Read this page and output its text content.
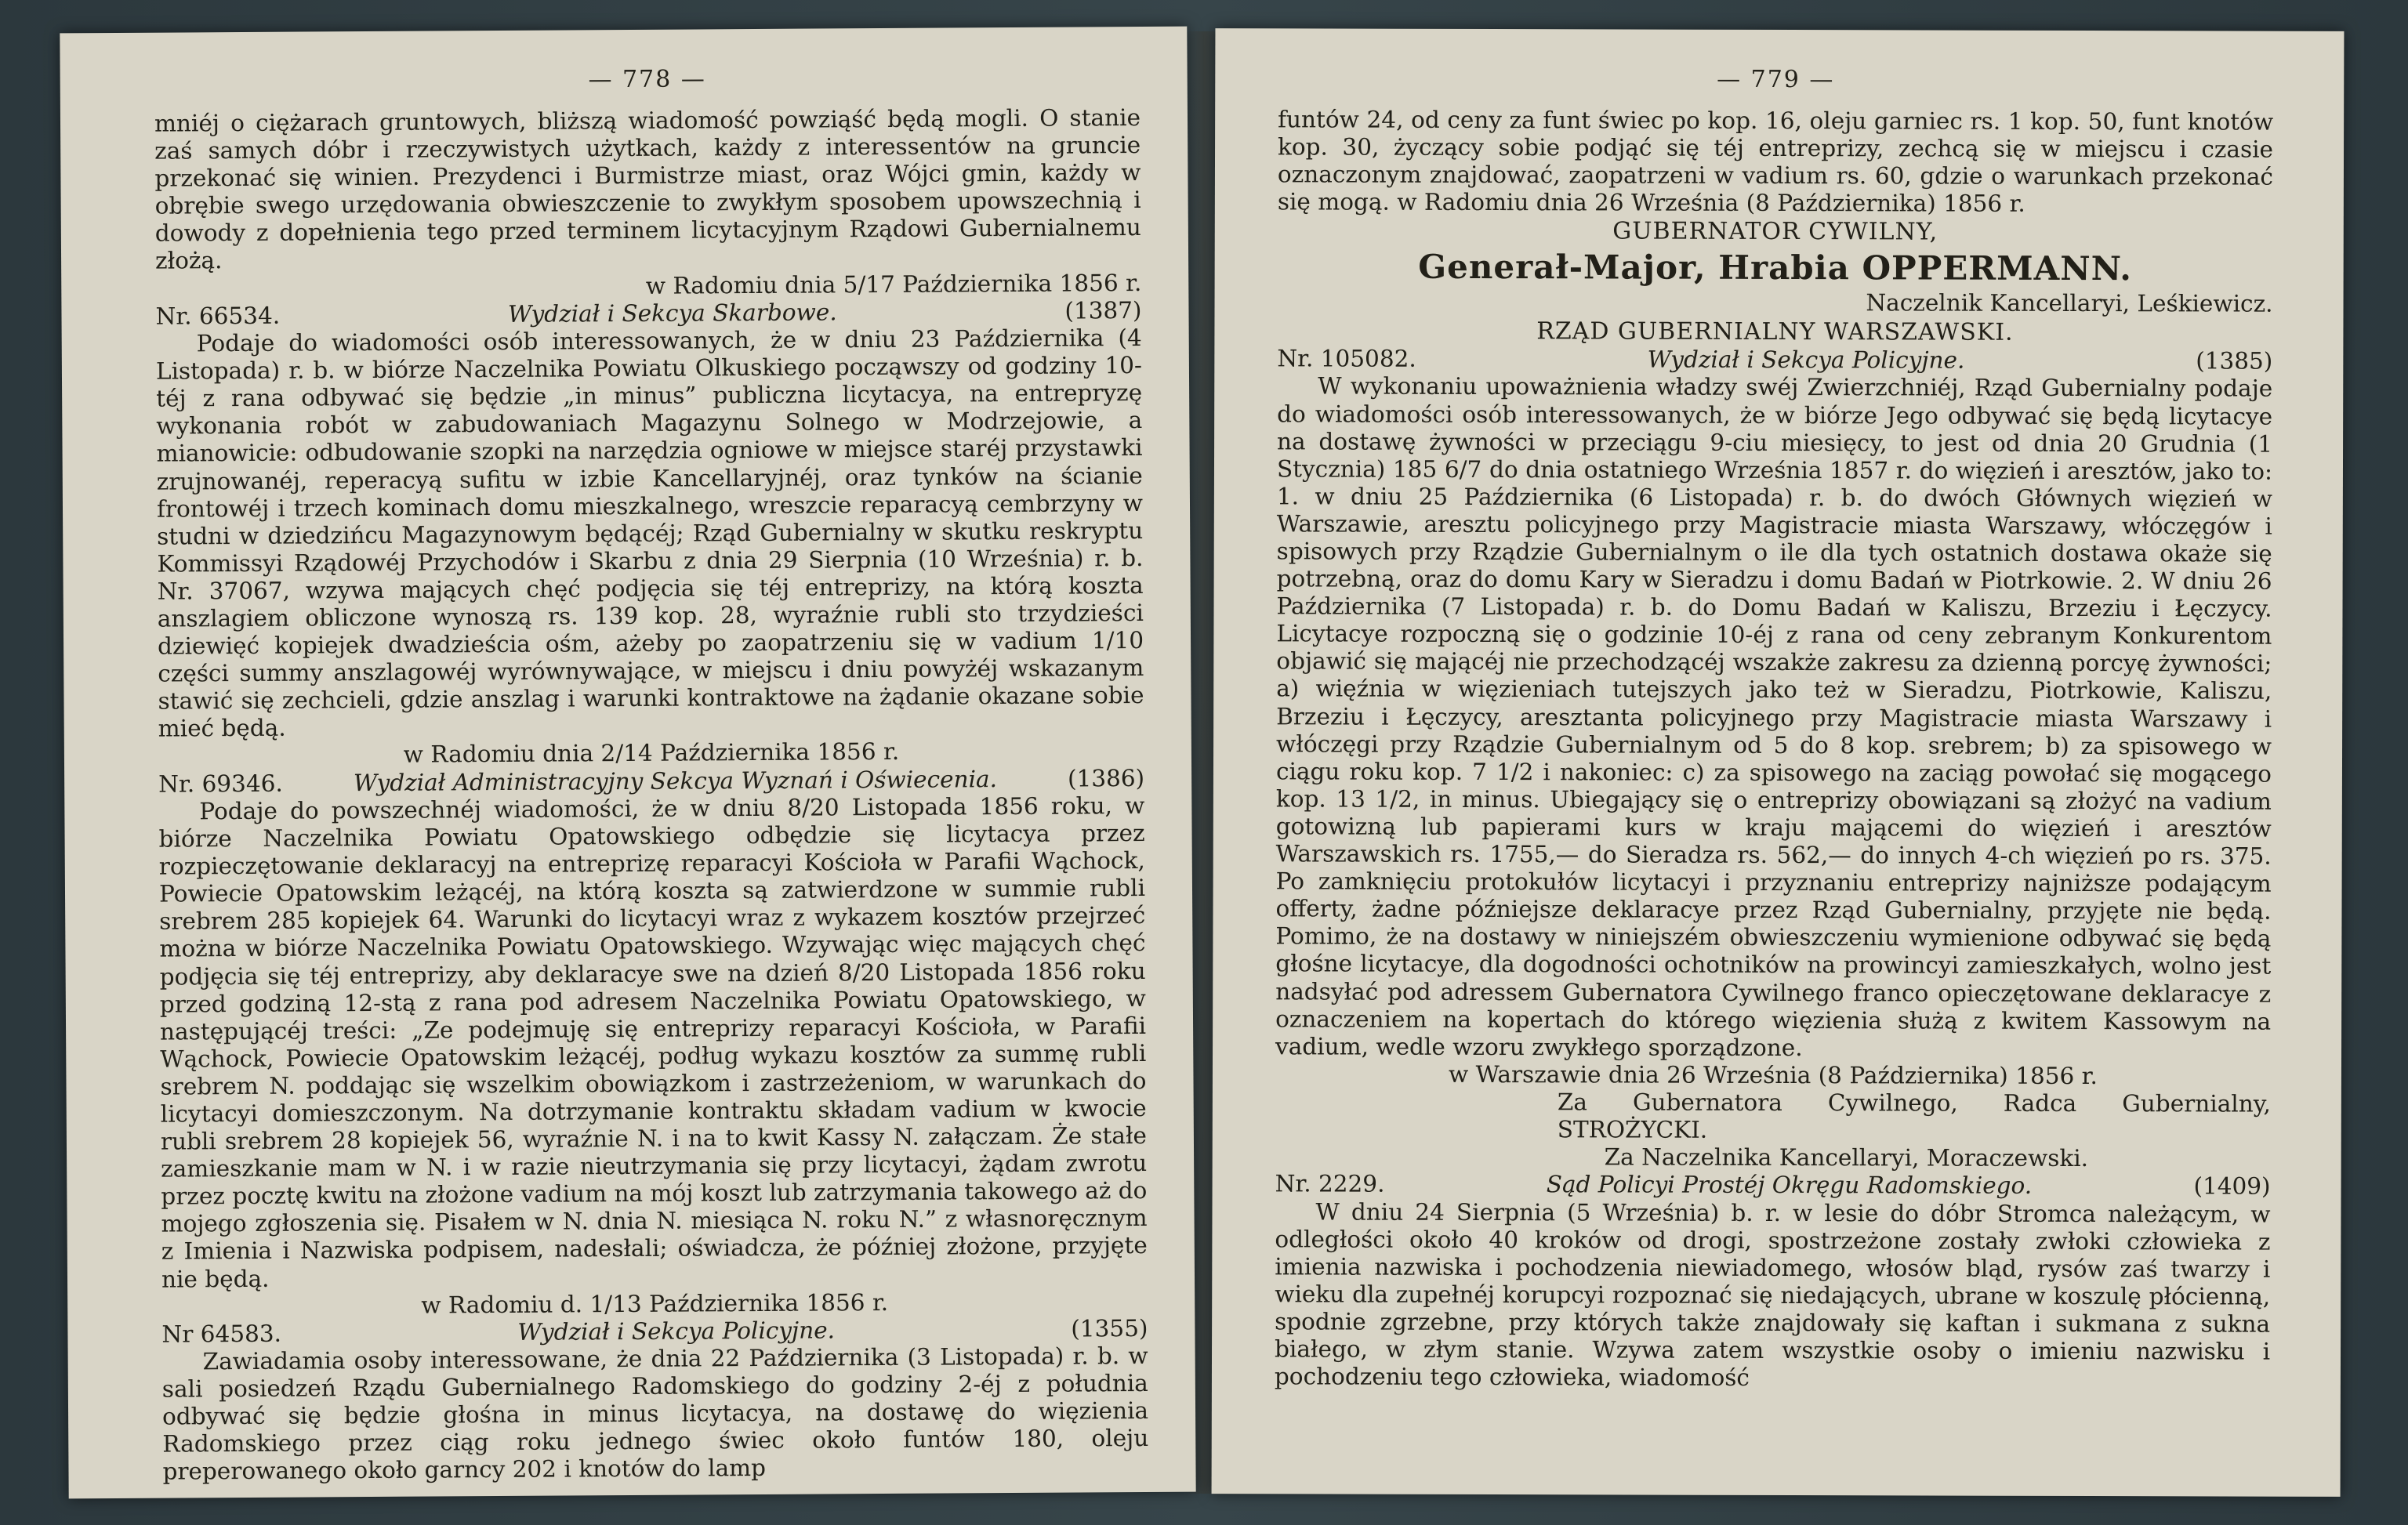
— 778 —

mniéj o ciężarach gruntowych, bliższą wiadomość powziąść będą mogli. O stanie zaś samych dóbr i rzeczywistych użytkach, każdy z interessentów na gruncie przekonać się winien. Prezydenci i Burmistrze miast, oraz Wójci gmin, każdy w obrębie swego urzędowania obwieszczenie to zwykłym sposobem upowszechnią i dowody z dopełnienia tego przed terminem licytacyjnym Rządowi Gubernialnemu złożą.

w Radomiu dnia 5/17 Października 1856 r.

Nr. 66534.	Wydział i Sekcya Skarbowe.	(1387)

Podaje do wiadomości osób interessowanych, że w dniu 23 Października (4 Listopada) r. b. w biórze Naczelnika Powiatu Olkuskiego począwszy od godziny 10-téj z rana odbywać się będzie „in minus” publiczna licytacya, na entrepryzę wykonania robót w zabudowaniach Magazynu Solnego w Modrzejowie, a mianowicie: odbudowanie szopki na narzędzia ogniowe w miejsce staréj przystawki zrujnowanéj, reperacyą sufitu w izbie Kancellaryjnéj, oraz tynków na ścianie frontowéj i trzech kominach domu mieszkalnego, wreszcie reparacyą cembrzyny w studni w dziedzińcu Magazynowym będącéj; Rząd Gubernialny w skutku reskryptu Kommissyi Rządowéj Przychodów i Skarbu z dnia 29 Sierpnia (10 Września) r. b. Nr. 37067, wzywa mających chęć podjęcia się téj entreprizy, na którą koszta anszlagiem obliczone wynoszą rs. 139 kop. 28, wyraźnie rubli sto trzydzieści dziewięć kopiejek dwadzieścia ośm, ażeby po zaopatrzeniu się w vadium 1/10 części summy anszlagowéj wyrównywające, w miejscu i dniu powyżéj wskazanym stawić się zechcieli, gdzie anszlag i warunki kontraktowe na żądanie okazane sobie mieć będą.

w Radomiu dnia 2/14 Października 1856 r.

Nr. 69346.	Wydział Administracyjny Sekcya Wyznań i Oświecenia.	(1386)

Podaje do powszechnéj wiadomości, że w dniu 8/20 Listopada 1856 roku, w biórze Naczelnika Powiatu Opatowskiego odbędzie się licytacya przez rozpieczętowanie deklaracyj na entreprizę reparacyi Kościoła w Parafii Wąchock, Powiecie Opatowskim leżącéj, na którą koszta są zatwierdzone w summie rubli srebrem 285 kopiejek 64. Warunki do licytacyi wraz z wykazem kosztów przejrzeć można w biórze Naczelnika Powiatu Opatowskiego. Wzywając więc mających chęć podjęcia się téj entreprizy, aby deklaracye swe na dzień 8/20 Listopada 1856 roku przed godziną 12-stą z rana pod adresem Naczelnika Powiatu Opatowskiego, w następującéj treści: „Ze podejmuję się entreprizy reparacyi Kościoła, w Parafii Wąchock, Powiecie Opatowskim leżącéj, podług wykazu kosztów za summę rubli srebrem N. poddając się wszelkim obowiązkom i zastrzeżeniom, w warunkach do licytacyi domieszczonym. Na dotrzymanie kontraktu składam vadium w kwocie rubli srebrem 28 kopiejek 56, wyraźnie N. i na to kwit Kassy N. załączam. Że stałe zamieszkanie mam w N. i w razie nieutrzymania się przy licytacyi, żądam zwrotu przez pocztę kwitu na złożone vadium na mój koszt lub zatrzymania takowego aż do mojego zgłoszenia się. Pisałem w N. dnia N. miesiąca N. roku N.” z własnoręcznym z Imienia i Nazwiska podpisem, nadesłali; oświadcza, że później złożone, przyjęte nie będą.

w Radomiu d. 1/13 Października 1856 r.

Nr 64583.	Wydział i Sekcya Policyjne.	(1355)

Zawiadamia osoby interessowane, że dnia 22 Października (3 Listopada) r. b. w sali posiedzeń Rządu Gubernialnego Radomskiego do godziny 2-éj z południa odbywać się będzie głośna in minus licytacya, na dostawę do więzienia Radomskiego przez ciąg roku jednego świec około funtów 180, oleju preperowanego około garncy 202 i knotów do lamp

— 779 —

funtów 24, od ceny za funt świec po kop. 16, oleju garniec rs. 1 kop. 50, funt knotów kop. 30, życzący sobie podjąć się téj entreprizy, zechcą się w miejscu i czasie oznaczonym znajdować, zaopatrzeni w vadium rs. 60, gdzie o warunkach przekonać się mogą. w Radomiu dnia 26 Września (8 Października) 1856 r.

GUBERNATOR CYWILNY,
Generał-Major, Hrabia OPPERMANN.

Naczelnik Kancellaryi, Leśkiewicz.

RZĄD GUBERNIALNY WARSZAWSKI.
Nr. 105082.	Wydział i Sekcya Policyjne.	(1385)

W wykonaniu upoważnienia władzy swéj Zwierzchniéj, Rząd Gubernialny podaje do wiadomości osób interessowanych, że w biórze Jego odbywać się będą licytacye na dostawę żywności w przeciągu 9-ciu miesięcy, to jest od dnia 20 Grudnia (1 Stycznia) 185 6/7 do dnia ostatniego Września 1857 r. do więzień i aresztów, jako to: 1. w dniu 25 Października (6 Listopada) r. b. do dwóch Głównych więzień w Warszawie, aresztu policyjnego przy Magistracie miasta Warszawy, włóczęgów i spisowych przy Rządzie Gubernialnym o ile dla tych ostatnich dostawa okaże się potrzebną, oraz do domu Kary w Sieradzu i domu Badań w Piotrkowie. 2. W dniu 26 Października (7 Listopada) r. b. do Domu Badań w Kaliszu, Brzeziu i Łęczycy. Licytacye rozpoczną się o godzinie 10-éj z rana od ceny zebranym Konkurentom objawić się mającéj nie przechodzącéj wszakże zakresu za dzienną porcyę żywności; a) więźnia w więzieniach tutejszych jako też w Sieradzu, Piotrkowie, Kaliszu, Brzeziu i Łęczycy, aresztanta policyjnego przy Magistracie miasta Warszawy i włóczęgi przy Rządzie Gubernialnym od 5 do 8 kop. srebrem; b) za spisowego w ciągu roku kop. 7 1/2 i nakoniec: c) za spisowego na zaciąg powołać się mogącego kop. 13 1/2, in minus. Ubiegający się o entreprizy obowiązani są złożyć na vadium gotowizną lub papierami kurs w kraju mającemi do więzień i aresztów Warszawskich rs. 1755,— do Sieradza rs. 562,— do innych 4-ch więzień po rs. 375. Po zamknięciu protokułów licytacyi i przyznaniu entreprizy najniższe podającym offerty, żadne późniejsze deklaracye przez Rząd Gubernialny, przyjęte nie będą. Pomimo, że na dostawy w niniejszém obwieszczeniu wymienione odbywać się będą głośne licytacye, dla dogodności ochotników na prowincyi zamieszkałych, wolno jest nadsyłać pod adressem Gubernatora Cywilnego franco opieczętowane deklaracye z oznaczeniem na kopertach do którego więzienia służą z kwitem Kassowym na vadium, wedle wzoru zwykłego sporządzone.

w Warszawie dnia 26 Września (8 Października) 1856 r.

Za Gubernatora Cywilnego, Radca Gubernialny, STROŻYCKI.

Za Naczelnika Kancellaryi, Moraczewski.

Nr. 2229.	Sąd Policyi Prostéj Okręgu Radomskiego.	(1409)

W dniu 24 Sierpnia (5 Września) b. r. w lesie do dóbr Stromca należącym, w odległości około 40 kroków od drogi, spostrzeżone zostały zwłoki człowieka z imienia nazwiska i pochodzenia niewiadomego, włosów bląd, rysów zaś twarzy i wieku dla zupełnéj korupcyi rozpoznać się niedających, ubrane w koszulę płócienną, spodnie zgrzebne, przy których także znajdowały się kaftan i sukmana z sukna białego, w złym stanie. Wzywa zatem wszystkie osoby o imieniu nazwisku i pochodzeniu tego człowieka, wiadomość
